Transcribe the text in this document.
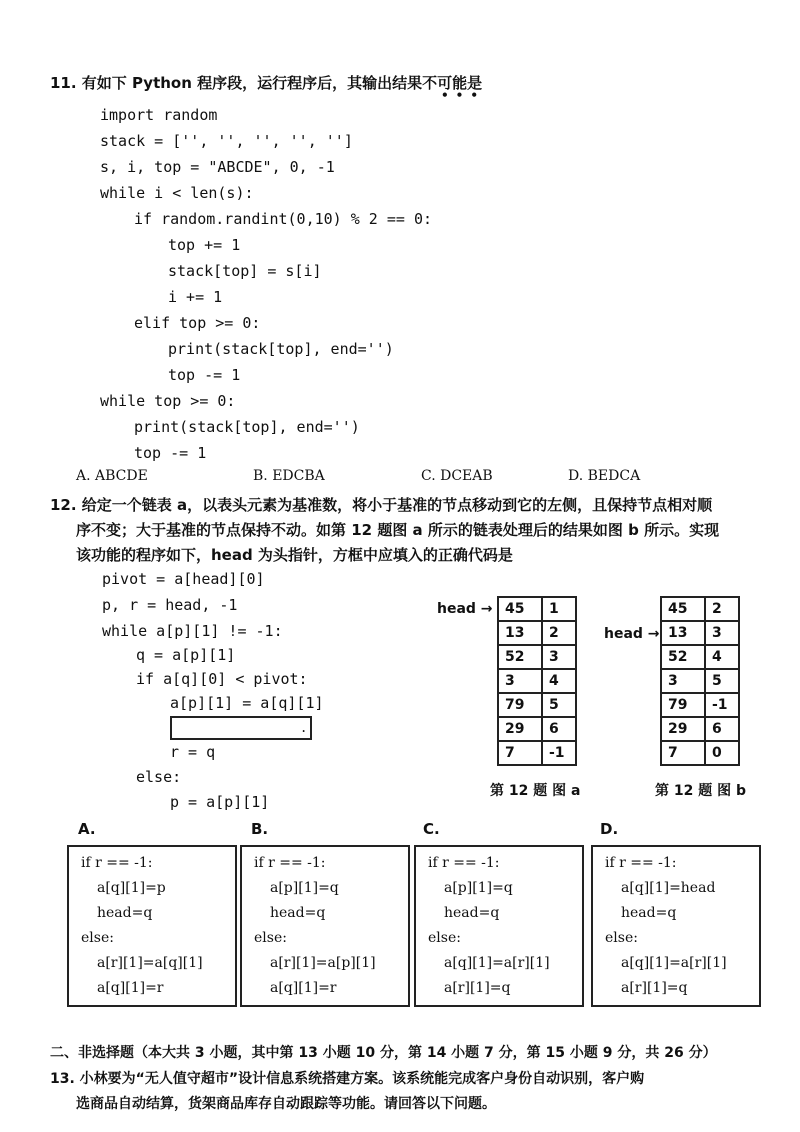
11. 有如下 Python 程序段，运行程序后，其输出结果不可能是
•••
import random
stack = ['', '', '', '', '']
s, i, top = "ABCDE", 0, -1
while i < len(s):
if random.randint(0,10) % 2 == 0:
top += 1
stack[top] = s[i]
i += 1
elif top >= 0:
print(stack[top], end='')
top -= 1
while top >= 0:
print(stack[top], end='')
top -= 1
A. ABCDE	B. EDCBA	C. DCEAB	D. BEDCA
12. 给定一个链表 a，以表头元素为基准数，将小于基准的节点移动到它的左侧，且保持节点相对顺
序不变；大于基准的节点保持不动。如第 12 题图 a 所示的链表处理后的结果如图 b 所示。实现
该功能的程序如下，head 为头指针，方框中应填入的正确代码是
pivot = a[head][0]
p, r = head, -1
while a[p][1] != -1:
q = a[p][1]
if a[q][0] < pivot:
a[p][1] = a[q][1]
.
r = q
else:
p = a[p][1]
head → 45	1
13	2
52	3
3	4
79	5
29	6
7	-1
第 12 题 图 a
head →
45	2
13	3
52	4
3	5
79	-1
29	6
7	0
第 12 题 图 b
A.	B.	C.	D.
if r == -1:
a[q][1]=p
head=q
else:
a[r][1]=a[q][1]
a[q][1]=r
if r == -1:
a[p][1]=q
head=q
else:
a[r][1]=a[p][1]
a[q][1]=r
if r == -1:
a[p][1]=q
head=q
else:
a[q][1]=a[r][1]
a[r][1]=q
if r == -1:
a[q][1]=head
head=q
else:
a[q][1]=a[r][1]
a[r][1]=q
二、非选择题（本大共 3 小题，其中第 13 小题 10 分，第 14 小题 7 分，第 15 小题 9 分，共 26 分）
13. 小林要为“无人值守超市”设计信息系统搭建方案。该系统能完成客户身份自动识别，客户购
选商品自动结算，货架商品库存自动跟踪等功能。请回答以下问题。
